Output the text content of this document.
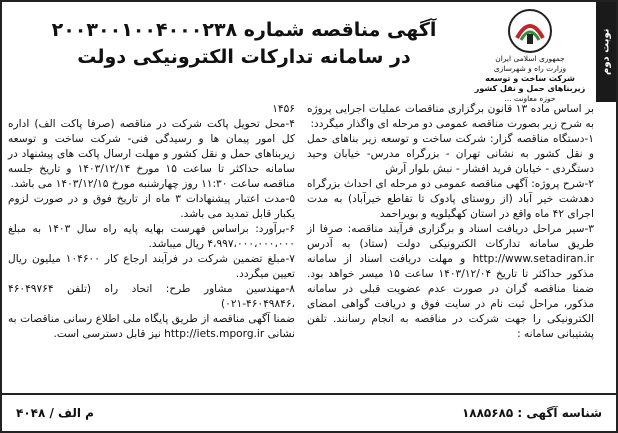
نوبت دوم
جمهوری اسلامی ایران
وزارت راه و شهرسازی
شرکت ساخت و توسعه زیربناهای حمل و نقل کشور
حوزه معاونت ...
آگهی مناقصه شماره ۲۰۰۳۰۰۱۰۰۴۰۰۰۲۳۸
در سامانه تدارکات الکترونیکی دولت

بر اساس ماده ۱۳ قانون برگزاری مناقصات عملیات اجرایی پروژه به شرح زیر بصورت مناقصه عمومی دو مرحله ای واگذار میگردد:

۱-دستگاه مناقصه گزار: شرکت ساخت و توسعه زیر بناهای حمل و نقل کشور به نشانی تهران - بزرگراه مدرس- خیابان وحید دستگردی - خیابان فرید افشار - نبش بلوار آرش

۲-شرح پروژه: آگهی مناقصه عمومی دو مرحله ای احداث بزرگراه دهدشت خیر آباد (از روستای پادوک تا تقاطع خیرآباد) به مدت اجرای ۴۲ ماه واقع در استان کهگیلویه و بویراحمد

۳-سیر مراحل دریافت اسناد و برگزاری فرآیند مناقصه: صرفا از طریق سامانه تدارکات الکترونیکی دولت (ستاد) به آدرس http://www.setadiran.ir و مهلت دریافت اسناد از سامانه مذکور حداکثر تا تاریخ ۱۴۰۳/۱۲/۰۴ ساعت ۱۵ میسر خواهد بود. ضمنا مناقصه گران در صورت عدم عضویت قبلی در سامانه مذکور، مراحل ثبت نام در سایت فوق و دریافت گواهی امضای الکترونیکی را جهت شرکت در مناقصه به انجام رسانند. تلفن پشتیبانی سامانه :

۱۴۵۶

۴-محل تحویل پاکت شرکت در مناقصه (صرفا پاکت الف) اداره کل امور پیمان ها و رسیدگی فنی- شرکت ساخت و توسعه زیربناهای حمل و نقل کشور و مهلت ارسال پاکت های پیشنهاد در سامانه حداکثر تا ساعت ۱۵ مورخ ۱۴۰۳/۱۲/۱۴ و تاریخ جلسه مناقصه ساعت ۱۱:۳۰ روز چهارشنبه مورخ ۱۴۰۳/۱۲/۱۵ می باشد.

۵-مدت اعتبار پیشنهادات ۳ ماه از تاریخ فوق و در صورت لزوم یکبار قابل تمدید می باشد.

۶-برآورد: براساس فهرست بهایه پایه راه سال ۱۴۰۳ به مبلغ ۴،۹۹۷،۰۰۰،۰۰۰،۰۰۰ ریال میباشد.

۷-مبلغ تضمین شرکت در فرآیند ارجاع کار ۱۰۴۶۰۰ میلیون ریال تعیین میگردد.

۸-مهندسین مشاور طرح: اتحاد راه (تلفن ۴۶۰۴۹۷۶۴ ،۴۶۰۴۹۸۴۶-۰۲۱)

ضمنا آگهی مناقصه از طریق پایگاه ملی اطلاع رسانی مناقصات به نشانی http://iets.mporg.ir نیز قابل دسترسی است.

شناسه آگهی : ۱۸۸۵۶۸۵
م الف / ۴۰۴۸
